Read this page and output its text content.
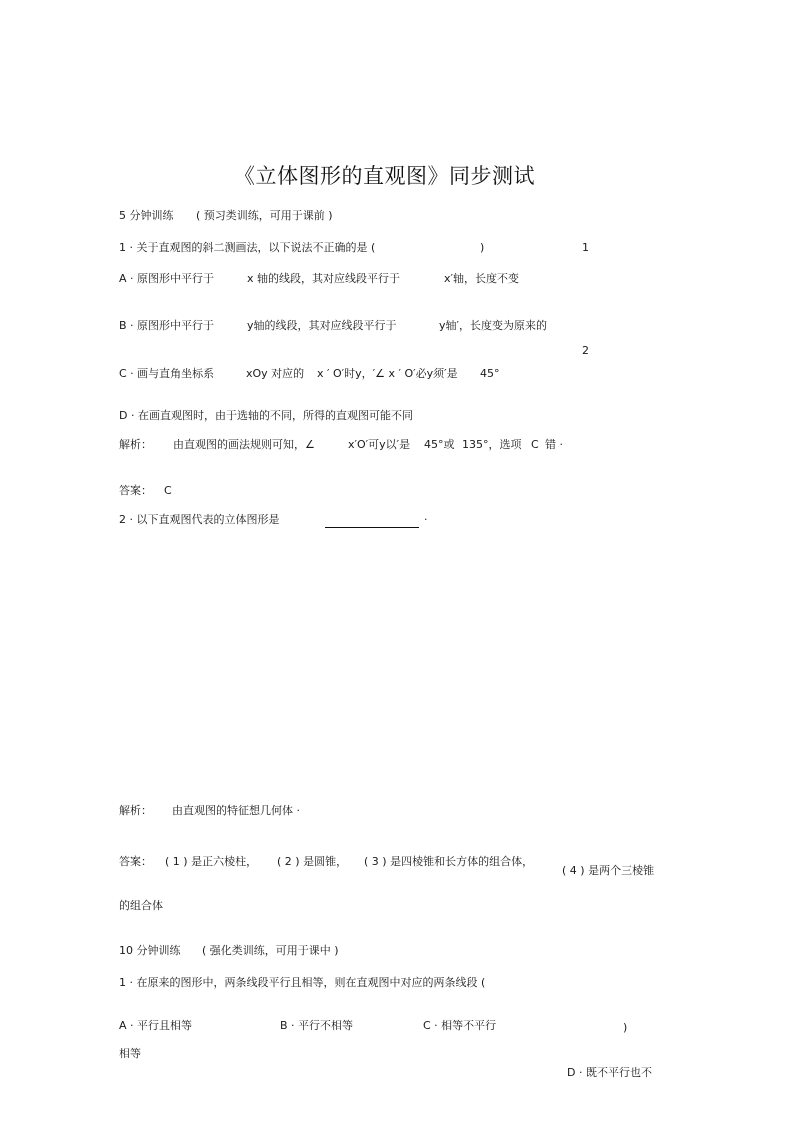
《立体图形的直观图》同步测试
5 分钟训练 ( 预习类训练，可用于课前 )
1 · 关于直观图的斜二测画法，以下说法不正确的是 (	)	1
A · 原图形中平行于	x 轴的线段，其对应线段平行于	x′轴，长度不变
B · 原图形中平行于	y轴的线段，其对应线段平行于	y轴′，长度变为原来的
2
C · 画与直角坐标系	xOy 对应的 x ′ O′时y，′∠ x ′ O′必y须′是 45°
D · 在画直观图时，由于选轴的不同，所得的直观图可能不同
解析： 由直观图的画法规则可知，∠	x′O′可y以′是 45°或 135°，选项 C 错 ·
答案： C
2 · 以下直观图代表的立体图形是	·
解析： 由直观图的特征想几何体 ·
答案： ( 1 ) 是正六棱柱， ( 2 ) 是圆锥， ( 3 ) 是四棱锥和长方体的组合体，
( 4 ) 是两个三棱锥
的组合体
10 分钟训练 ( 强化类训练，可用于课中 )
1 · 在原来的图形中，两条线段平行且相等，则在直观图中对应的两条线段 (
A · 平行且相等	B · 平行不相等	C · 相等不平行	)
相等
D · 既不平行也不
